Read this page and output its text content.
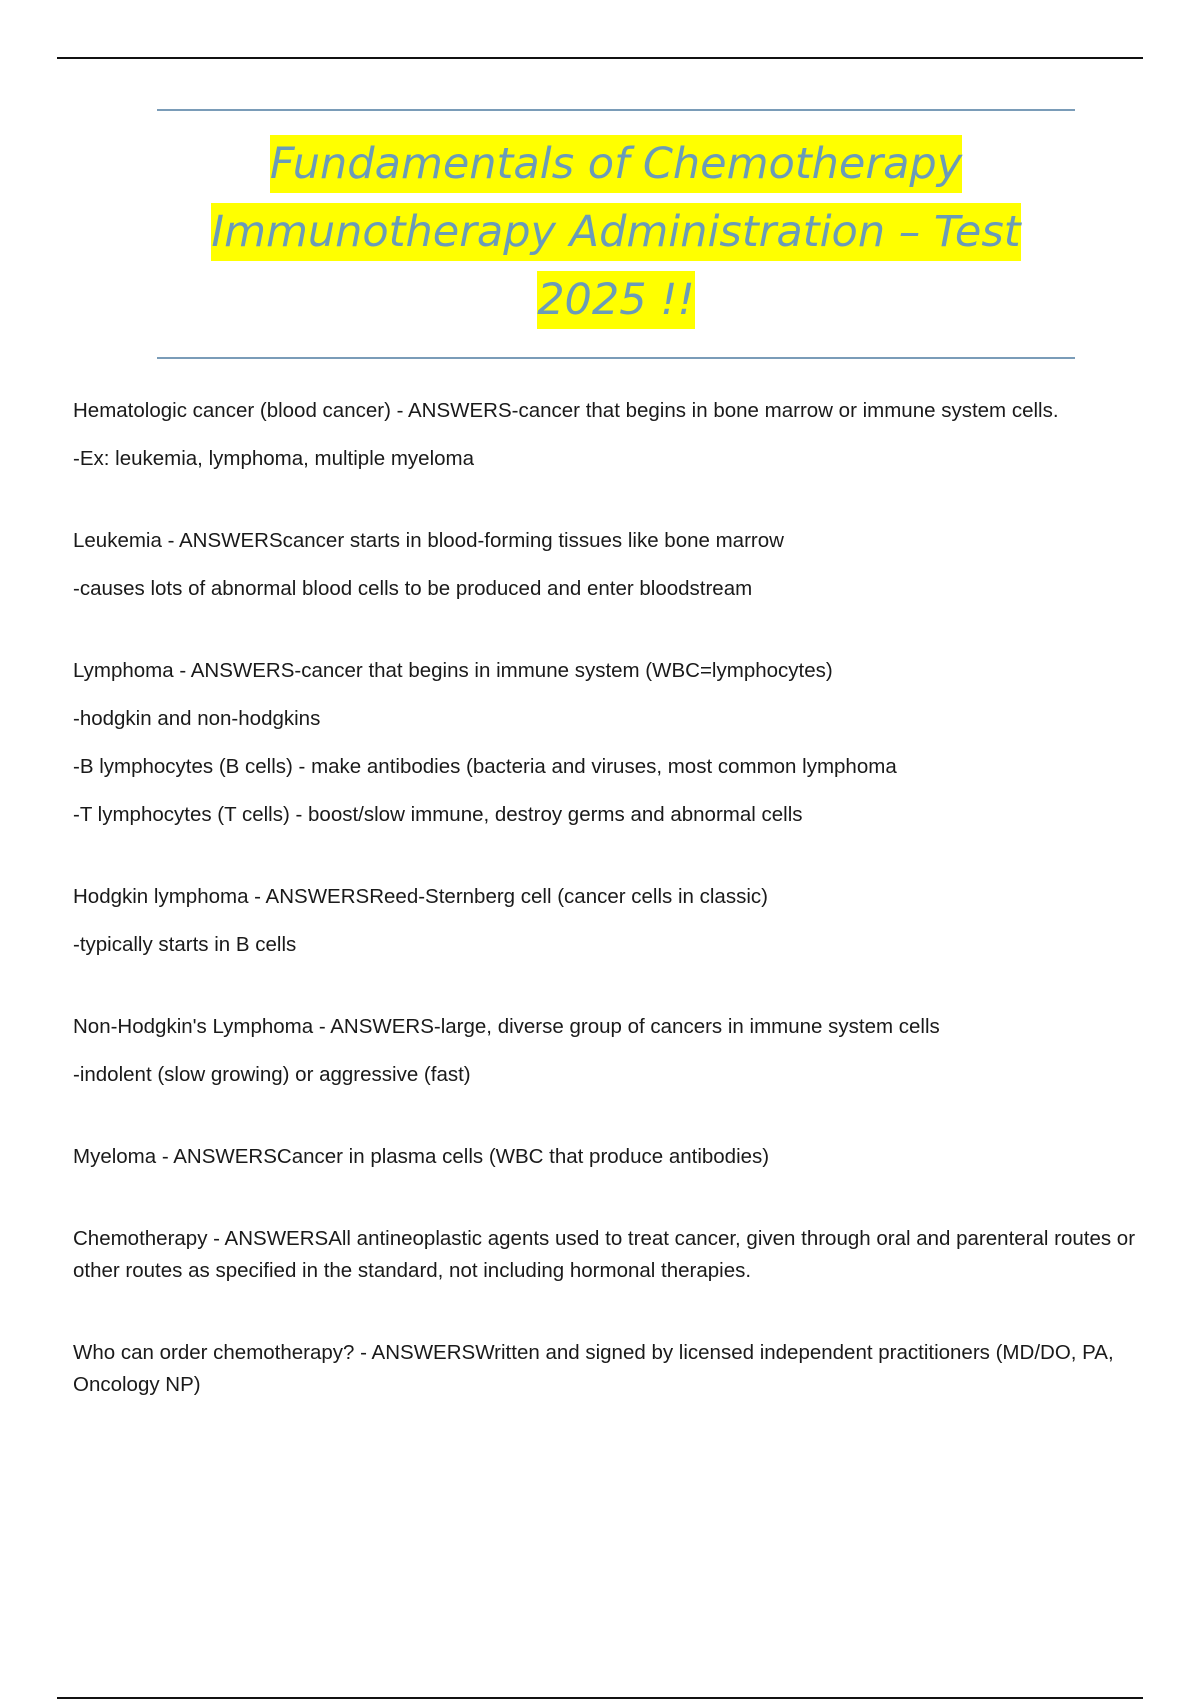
Fundamentals of Chemotherapy
Immunotherapy Administration – Test
2025 !!

Hematologic cancer (blood cancer) - ANSWERS-cancer that begins in bone marrow or immune system cells.

-Ex: leukemia, lymphoma, multiple myeloma

Leukemia - ANSWERScancer starts in blood-forming tissues like bone marrow

-causes lots of abnormal blood cells to be produced and enter bloodstream

Lymphoma - ANSWERS-cancer that begins in immune system (WBC=lymphocytes)

-hodgkin and non-hodgkins

-B lymphocytes (B cells) - make antibodies (bacteria and viruses, most common lymphoma

-T lymphocytes (T cells) - boost/slow immune, destroy germs and abnormal cells

Hodgkin lymphoma - ANSWERSReed-Sternberg cell (cancer cells in classic)

-typically starts in B cells

Non-Hodgkin's Lymphoma - ANSWERS-large, diverse group of cancers in immune system cells

-indolent (slow growing) or aggressive (fast)

Myeloma - ANSWERSCancer in plasma cells (WBC that produce antibodies)

Chemotherapy - ANSWERSAll antineoplastic agents used to treat cancer, given through oral and parenteral routes or other routes as specified in the standard, not including hormonal therapies.

Who can order chemotherapy? - ANSWERSWritten and signed by licensed independent practitioners (MD/DO, PA, Oncology NP)
